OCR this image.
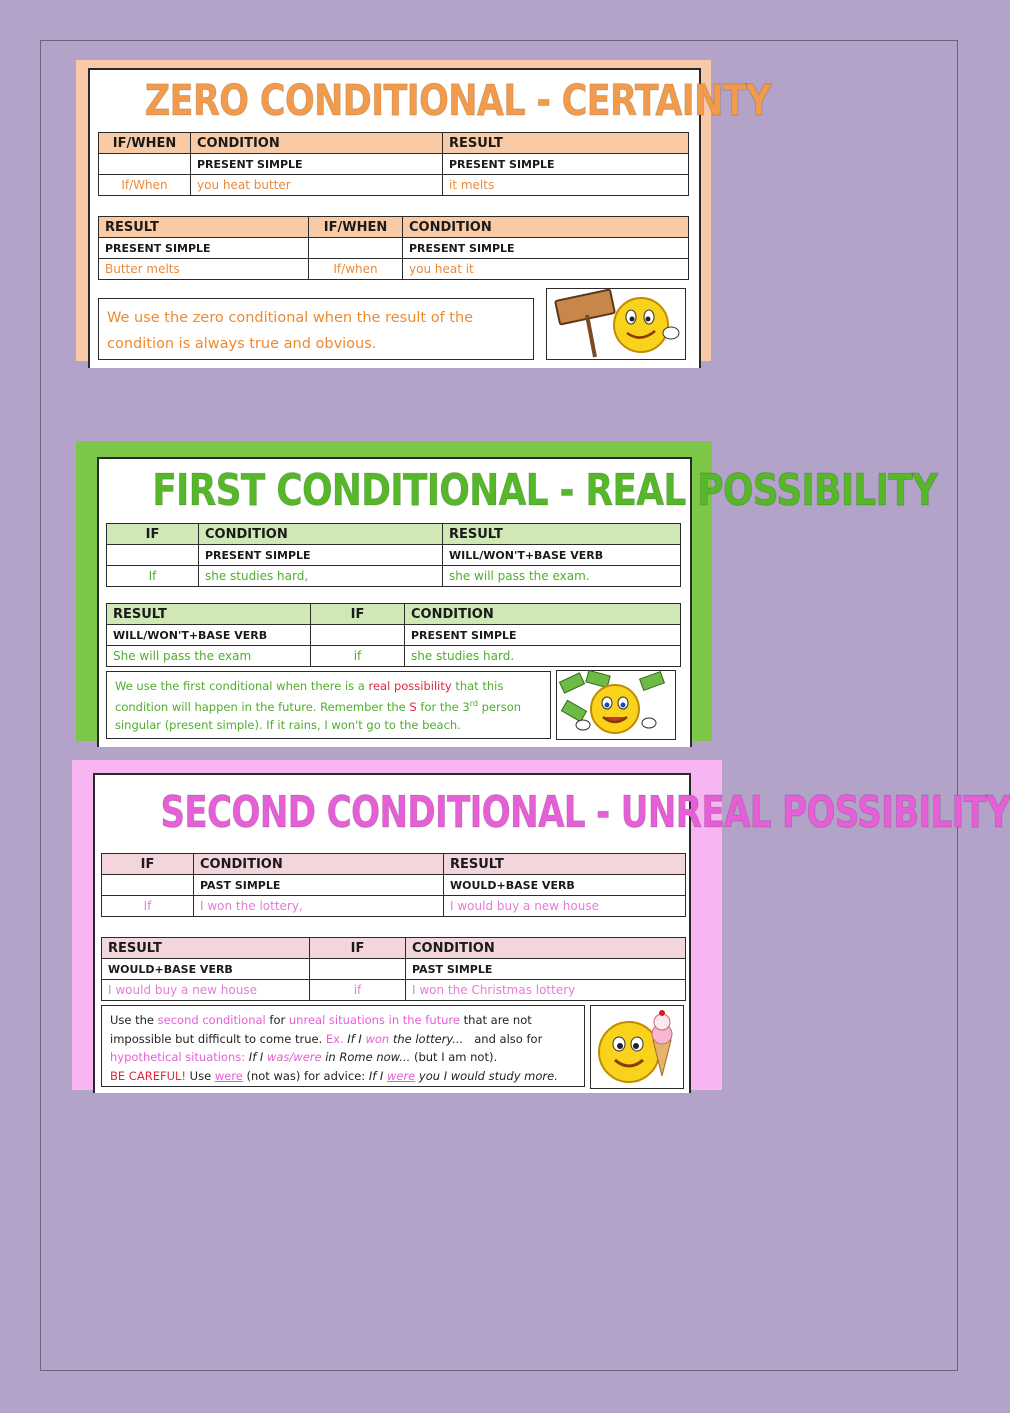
ZERO CONDITIONAL - CERTAINTY
IF/WHEN	CONDITION	RESULT
	PRESENT SIMPLE	PRESENT SIMPLE
If/When	you heat butter	it melts
RESULT	IF/WHEN	CONDITION
PRESENT SIMPLE		PRESENT SIMPLE
Butter melts	If/when	you heat it
We use the zero conditional when the result of the condition is always true and obvious.
FIRST CONDITIONAL - REAL POSSIBILITY
IF	CONDITION	RESULT
	PRESENT SIMPLE	WILL/WON'T+BASE VERB
If	she studies hard,	she will pass the exam.
RESULT	IF	CONDITION
WILL/WON'T+BASE VERB		PRESENT SIMPLE
She will pass the exam	if	she studies hard.
We use the first conditional when there is a real possibility that this
condition will happen in the future. Remember the S for the 3rd person
singular (present simple). If it rains, I won't go to the beach.
SECOND CONDITIONAL - UNREAL POSSIBILITY
IF	CONDITION	RESULT
	PAST SIMPLE	WOULD+BASE VERB
If	I won the lottery,	I would buy a new house
RESULT	IF	CONDITION
WOULD+BASE VERB		PAST SIMPLE
I would buy a new house	if	I won the Christmas lottery
Use the second conditional for unreal situations in the future that are not
impossible but difficult to come true. Ex. If I won the lottery...   and also for
hypothetical situations: If I was/were in Rome now... (but I am not).
BE CAREFUL! Use were (not was) for advice: If I were you I would study more.
